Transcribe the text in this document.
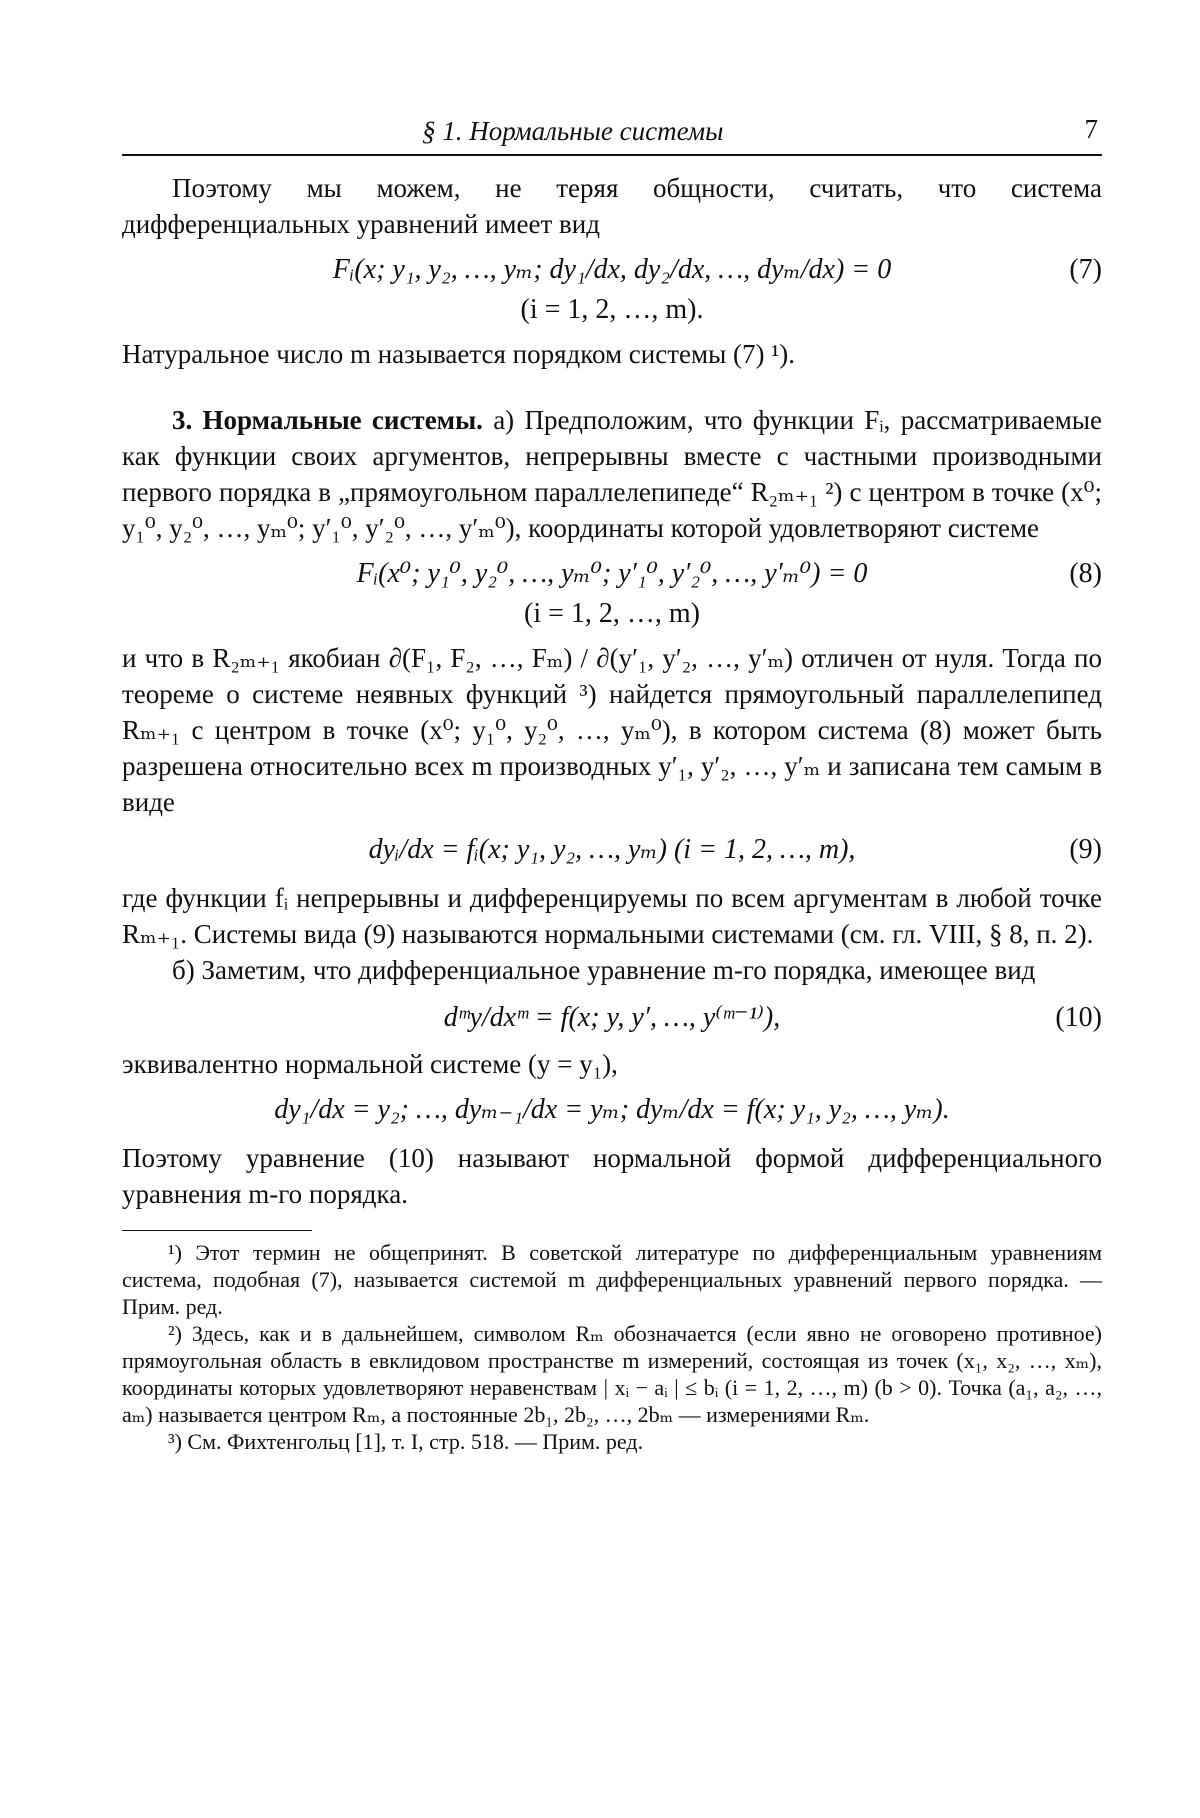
§ 1. Нормальные системы	7

Поэтому мы можем, не теряя общности, считать, что система дифференциальных уравнений имеет вид

Fᵢ(x; y₁, y₂, …, yₘ; dy₁/dx, dy₂/dx, …, dyₘ/dx) = 0	(7)
(i = 1, 2, …, m).

Натуральное число m называется порядком системы (7) ¹).

3. Нормальные системы. а) Предположим, что функции Fᵢ, рассматриваемые как функции своих аргументов, непрерывны вместе с частными производными первого порядка в „прямоугольном параллелепипеде“ R₂ₘ₊₁ ²) с центром в точке (x⁰; y₁⁰, y₂⁰, …, yₘ⁰; y′₁⁰, y′₂⁰, …, y′ₘ⁰), координаты которой удовлетворяют системе

Fᵢ(x⁰; y₁⁰, y₂⁰, …, yₘ⁰; y′₁⁰, y′₂⁰, …, y′ₘ⁰) = 0	(8)
(i = 1, 2, …, m)

и что в R₂ₘ₊₁ якобиан ∂(F₁, F₂, …, Fₘ) / ∂(y′₁, y′₂, …, y′ₘ) отличен от нуля. Тогда по теореме о системе неявных функций ³) найдется прямоугольный параллелепипед Rₘ₊₁ с центром в точке (x⁰; y₁⁰, y₂⁰, …, yₘ⁰), в котором система (8) может быть разрешена относительно всех m производных y′₁, y′₂, …, y′ₘ и записана тем самым в виде

dyᵢ/dx = fᵢ(x; y₁, y₂, …, yₘ) (i = 1, 2, …, m),	(9)

где функции fᵢ непрерывны и дифференцируемы по всем аргументам в любой точке Rₘ₊₁. Системы вида (9) называются нормальными системами (см. гл. VIII, § 8, п. 2).

б) Заметим, что дифференциальное уравнение m-го порядка, имеющее вид

dᵐy/dxᵐ = f(x; y, y′, …, y⁽ᵐ⁻¹⁾),	(10)

эквивалентно нормальной системе (y = y₁),

dy₁/dx = y₂; …, dyₘ₋₁/dx = yₘ; dyₘ/dx = f(x; y₁, y₂, …, yₘ).

Поэтому уравнение (10) называют нормальной формой дифференциального уравнения m-го порядка.

¹) Этот термин не общепринят. В советской литературе по дифференциальным уравнениям система, подобная (7), называется системой m дифференциальных уравнений первого порядка. — Прим. ред.

²) Здесь, как и в дальнейшем, символом Rₘ обозначается (если явно не оговорено противное) прямоугольная область в евклидовом пространстве m измерений, состоящая из точек (x₁, x₂, …, xₘ), координаты которых удовлетворяют неравенствам | xᵢ − aᵢ | ≤ bᵢ (i = 1, 2, …, m) (b > 0). Точка (a₁, a₂, …, aₘ) называется центром Rₘ, а постоянные 2b₁, 2b₂, …, 2bₘ — измерениями Rₘ.

³) См. Фихтенгольц [1], т. I, стр. 518. — Прим. ред.
